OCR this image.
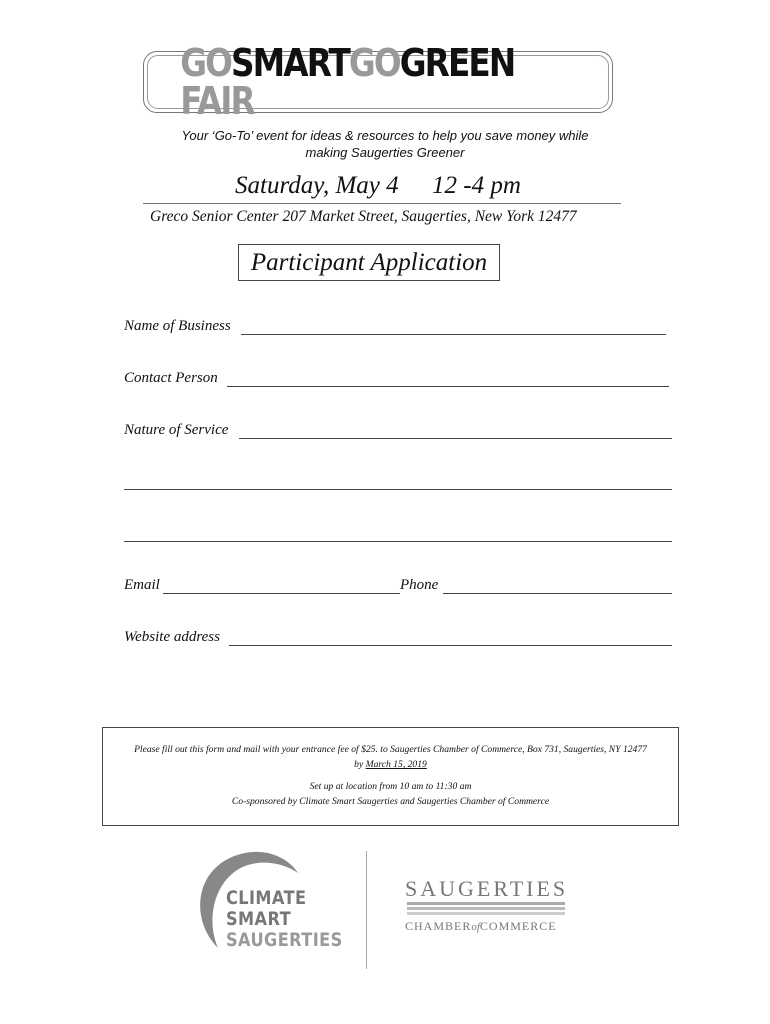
GOSMARTGOGREENFAIR
Your ‘Go-To’ event for ideas & resources to help you save money while
making Saugerties Greener
Saturday, May 4 12 -4 pm
Greco Senior Center 207 Market Street, Saugerties, New York 12477
Participant Application
Name of Business
Contact Person
Nature of Service
Email	Phone
Website address
Please fill out this form and mail with your entrance fee of $25. to Saugerties Chamber of Commerce, Box 731, Saugerties, NY 12477
by March 15, 2019
Set up at location from 10 am to 11:30 am
Co-sponsored by Climate Smart Saugerties and Saugerties Chamber of Commerce
CLIMATE
SMART
SAUGERTIES
SAUGERTIES
CHAMBERofCOMMERCE
